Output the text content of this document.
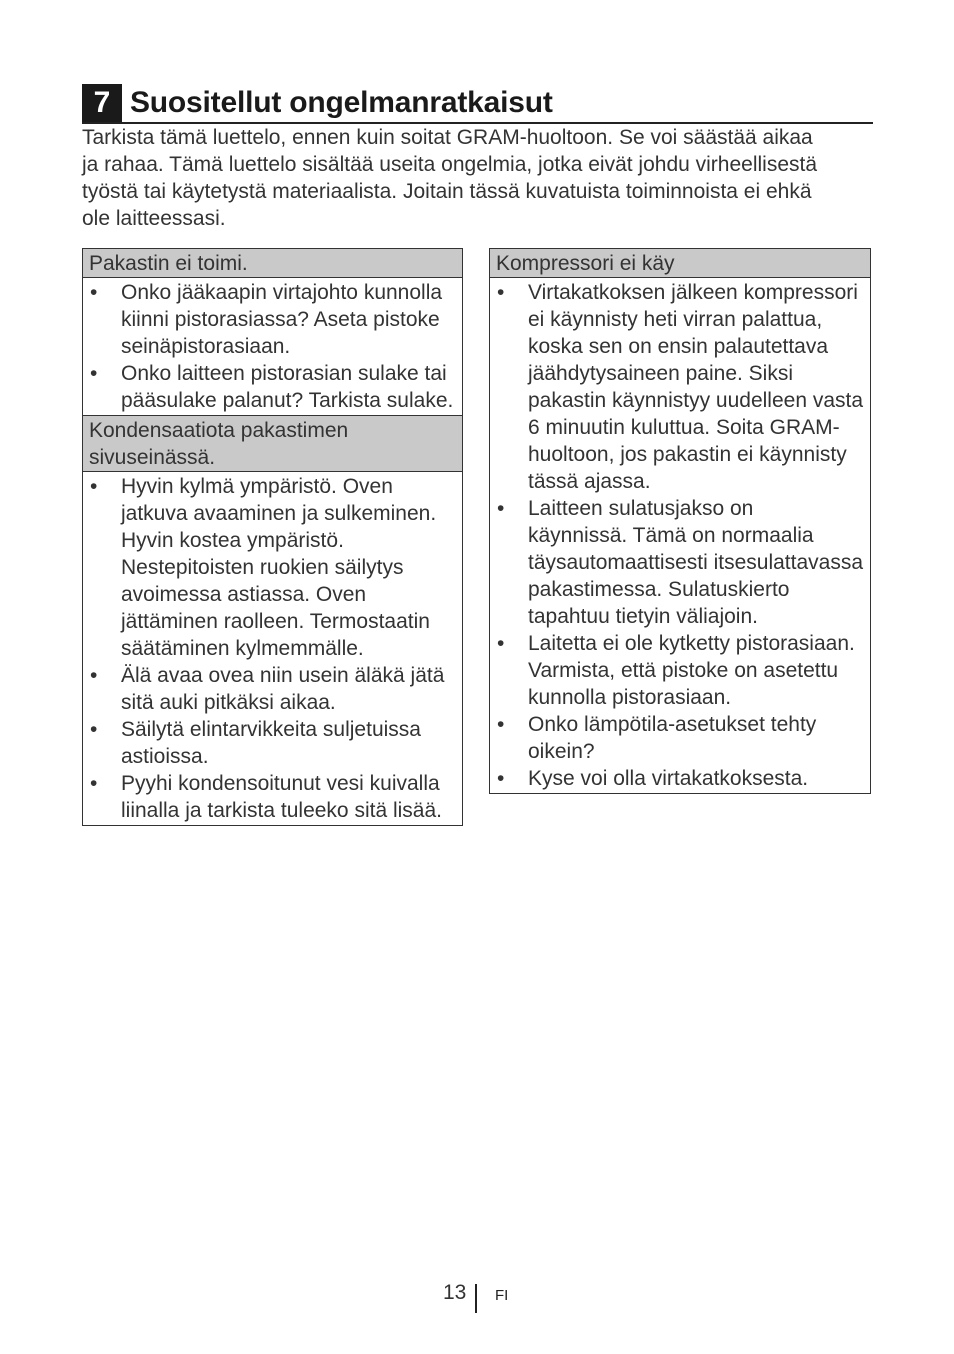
7 Suositellut ongelmanratkaisut
Tarkista tämä luettelo, ennen kuin soitat GRAM-huoltoon. Se voi säästää aikaa
ja rahaa. Tämä luettelo sisältää useita ongelmia, jotka eivät johdu virheellisestä
työstä tai käytetystä materiaalista. Joitain tässä kuvatuista toiminnoista ei ehkä
ole laitteessasi.
Pakastin ei toimi.
• Onko jääkaapin virtajohto kunnolla
kiinni pistorasiassa? Aseta pistoke
seinäpistorasiaan.
• Onko laitteen pistorasian sulake tai
pääsulake palanut? Tarkista sulake.
Kondensaatiota pakastimen
sivuseinässä.
• Hyvin kylmä ympäristö. Oven
jatkuva avaaminen ja sulkeminen.
Hyvin kostea ympäristö.
Nestepitoisten ruokien säilytys
avoimessa astiassa. Oven
jättäminen raolleen. Termostaatin
säätäminen kylmemmälle.
• Älä avaa ovea niin usein äläkä jätä
sitä auki pitkäksi aikaa.
• Säilytä elintarvikkeita suljetuissa
astioissa.
• Pyyhi kondensoitunut vesi kuivalla
liinalla ja tarkista tuleeko sitä lisää.
Kompressori ei käy
• Virtakatkoksen jälkeen kompressori
ei käynnisty heti virran palattua,
koska sen on ensin palautettava
jäähdytysaineen paine. Siksi
pakastin käynnistyy uudelleen vasta
6 minuutin kuluttua. Soita GRAM-
huoltoon, jos pakastin ei käynnisty
tässä ajassa.
• Laitteen sulatusjakso on
käynnissä. Tämä on normaalia
täysautomaattisesti itsesulattavassa
pakastimessa. Sulatuskierto
tapahtuu tietyin väliajoin.
• Laitetta ei ole kytketty pistorasiaan.
Varmista, että pistoke on asetettu
kunnolla pistorasiaan.
• Onko lämpötila-asetukset tehty
oikein?
• Kyse voi olla virtakatkoksesta.
13 FI
